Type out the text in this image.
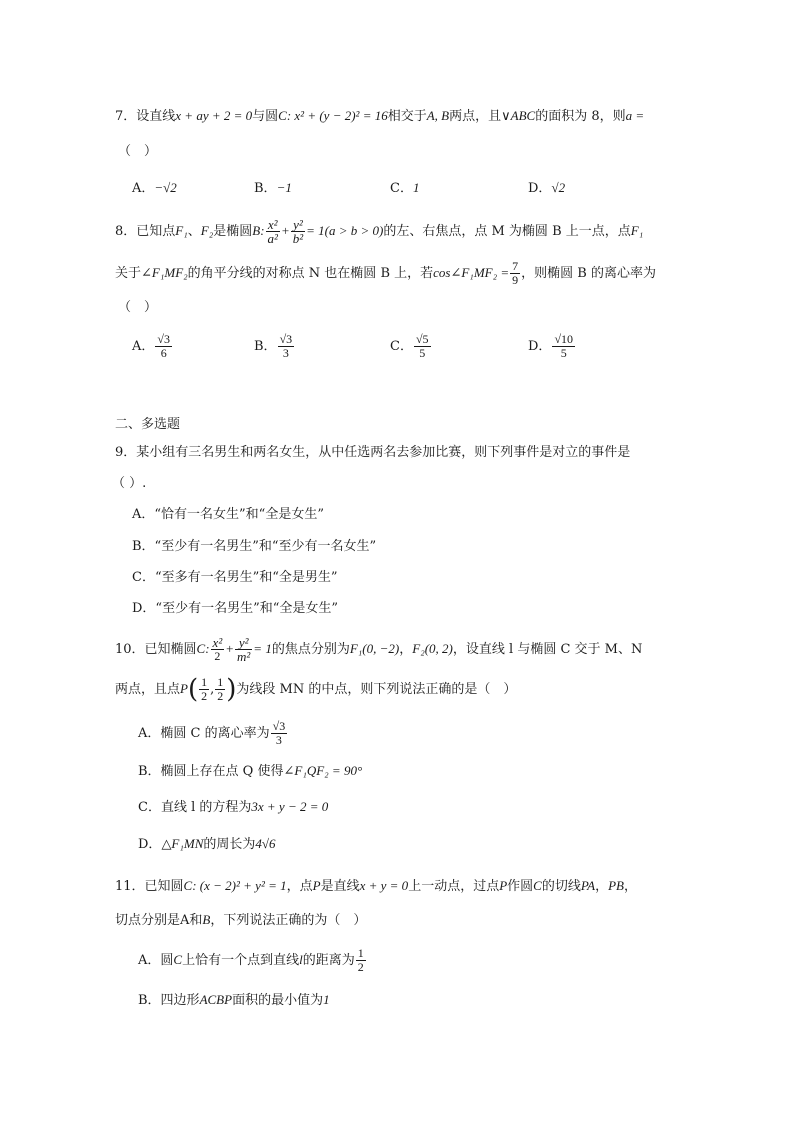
7．设直线x + ay + 2 = 0与圆C: x² + (y − 2)² = 16相交于A, B两点，且∨ABC的面积为 8，则a =
（　）
A．−√2	B．−1	C．1	D．√2
8．已知点F₁、F₂是椭圆B: $\frac{\text{x²}}{\text{a²}} + \frac{\text{y²}}{\text{b²}} = 1(a > b > 0)$的左、右焦点，点 M 为椭圆 B 上一点，点F₁
关于∠F₁MF₂的角平分线的对称点 N 也在椭圆 B 上，若cos∠F₁MF₂ = $\frac{7}{9}$ ，则椭圆 B 的离心率为
（　）
A． $\frac{√3}{6}$	B． $\frac{√3}{3}$	C． $\frac{√5}{5}$	D． $\frac{√10}{5}$
二、多选题
9．某小组有三名男生和两名女生，从中任选两名去参加比赛，则下列事件是对立的事件是
（ ）.
A．“恰有一名女生”和“全是女生”
B．“至少有一名男生”和“至少有一名女生”
C．“至多有一名男生”和“全是男生”
D．“至少有一名男生”和“全是女生”
10．已知椭圆C: $\frac{\text{x²}}{2} + \frac{\text{y²}}{\text{m²}} = 1$的焦点分别为F₁(0, −2)，F₂(0, 2)，设直线 l 与椭圆 C 交于 M、N
两点，且点$P( \frac{1}{2}$ , $\frac{1}{2}$ )为线段 MN 的中点，则下列说法正确的是（　）
A．椭圆 C 的离心率为 $\frac{√3}{3}$
B．椭圆上存在点 Q 使得∠F₁QF₂ = 90°
C．直线 l 的方程为3x + y − 2 = 0
D．△F₁MN的周长为4√6
11．已知圆C: (x − 2)² + y² = 1，点P是直线x + y = 0上一动点，过点P作圆C的切线PA，PB，
切点分别是A和B，下列说法正确的为（　）
A．圆C上恰有一个点到直线l的距离为 $\frac{1}{2}$
B．四边形ACBP面积的最小值为1
